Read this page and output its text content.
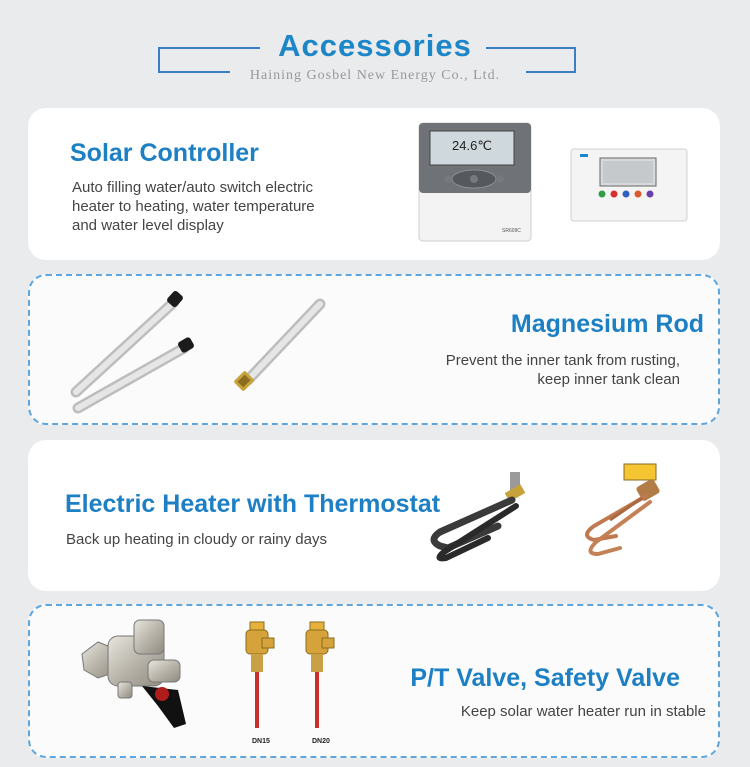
Accessories
Haining Gosbel New Energy Co., Ltd.
Solar Controller
Auto filling water/auto switch electric
heater to heating, water temperature
and water level display
24.6℃
SR609C
Magnesium Rod
Prevent the inner tank from rusting,
keep inner tank clean
Electric Heater with Thermostat
Back up heating in cloudy or rainy days
DN15	DN20
P/T Valve, Safety Valve
Keep solar water heater run in stable
